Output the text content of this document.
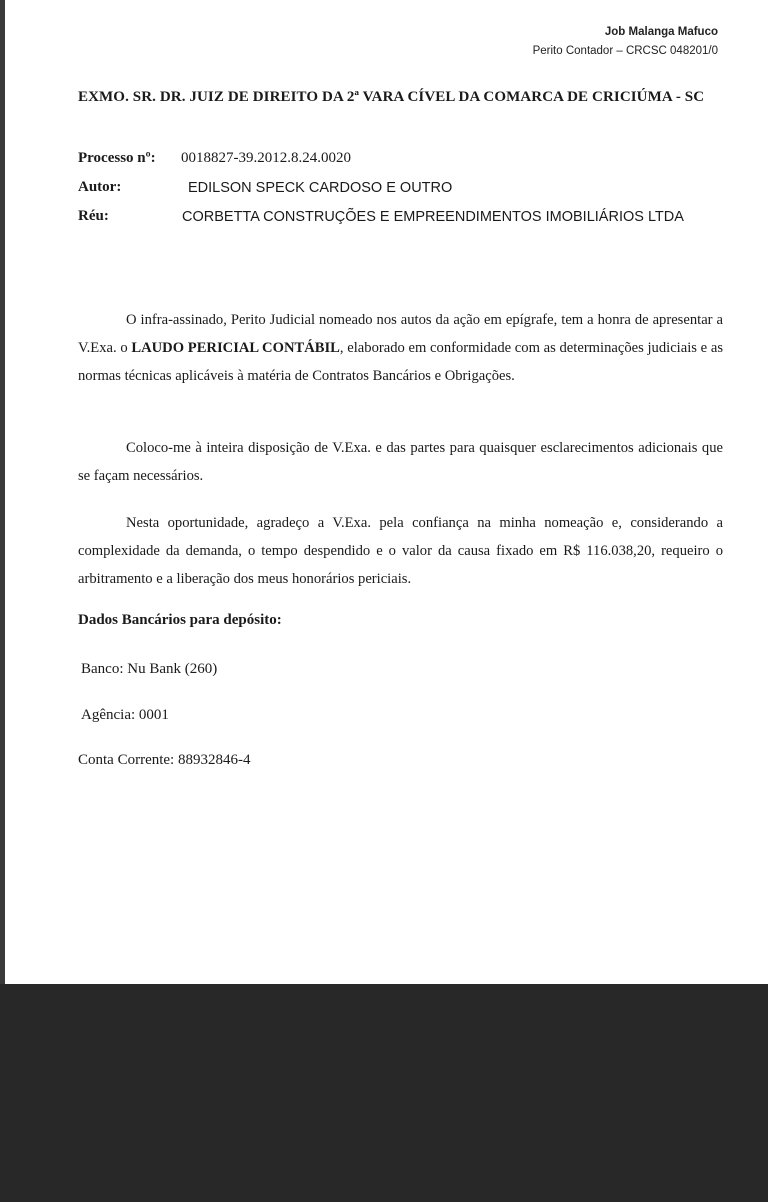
Job Malanga Mafuco
Perito Contador – CRCSC 048201/0
EXMO. SR. DR. JUIZ DE DIREITO DA 2ª VARA CÍVEL DA COMARCA DE CRICIÚMA - SC
Processo nº: 0018827-39.2012.8.24.0020
Autor:	EDILSON SPECK CARDOSO E OUTRO
Réu:	CORBETTA CONSTRUÇÕES E EMPREENDIMENTOS IMOBILIÁRIOS LTDA
O infra-assinado, Perito Judicial nomeado nos autos da ação em epígrafe, tem a honra de apresentar a V.Exa. o LAUDO PERICIAL CONTÁBIL, elaborado em conformidade com as determinações judiciais e as normas técnicas aplicáveis à matéria de Contratos Bancários e Obrigações.
Coloco-me à inteira disposição de V.Exa. e das partes para quaisquer esclarecimentos adicionais que se façam necessários.
Nesta oportunidade, agradeço a V.Exa. pela confiança na minha nomeação e, considerando a complexidade da demanda, o tempo despendido e o valor da causa fixado em R$ 116.038,20, requeiro o arbitramento e a liberação dos meus honorários periciais.
Dados Bancários para depósito:
Banco: Nu Bank (260)
Agência: 0001
Conta Corrente: 88932846-4
